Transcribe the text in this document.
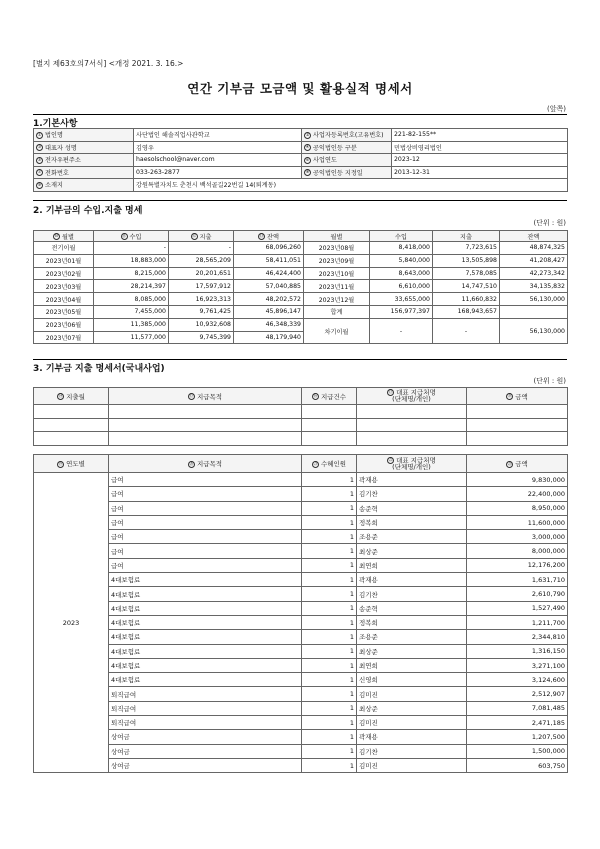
[별지 제63호의7서식] <개정 2021. 3. 16.>
연간 기부금 모금액 및 활용실적 명세서
(앞쪽)
1.기본사항
① 법인명	사단법인 해솔직업사관학교	② 사업자등록번호(고유번호)	221-82-155**
③ 대표자 성명	김영우	④ 공익법인등 구분	민법상비영리법인
⑤ 전자우편주소	haesolschool@naver.com	⑥ 사업연도	2023-12
⑦ 전화번호	033-263-2877	⑧ 공익법인등 지정일	2013-12-31
⑨ 소재지	강원특별자치도 춘천시 백석골길22번길 14(퇴계동)		
2. 기부금의 수입.지출 명세
(단위 : 원)
⑩ 월별	⑪ 수입	⑫ 지출	⑬ 잔액	월별	수입	지출	잔액
전기이월	-	-	68,096,260	2023년08월	8,418,000	7,723,615	48,874,325
2023년01월	18,883,000	28,565,209	58,411,051	2023년09월	5,840,000	13,505,898	41,208,427
2023년02월	8,215,000	20,201,651	46,424,400	2023년10월	8,643,000	7,578,085	42,273,342
2023년03월	28,214,397	17,597,912	57,040,885	2023년11월	6,610,000	14,747,510	34,135,832
2023년04월	8,085,000	16,923,313	48,202,572	2023년12월	33,655,000	11,660,832	56,130,000
2023년05월	7,455,000	9,761,425	45,896,147	합계	156,977,397	168,943,657	
2023년06월	11,385,000	10,932,608	46,348,339	차기이월	-	-	56,130,000
2023년07월	11,577,000	9,745,399	48,179,940				
3. 기부금 지출 명세서(국내사업)
(단위 : 원)
⑭ 지출월	⑮ 지급목적	⑯ 지급건수	⑰ 대표 지급처명
(단체명/개인)	⑱ 금액

⑲ 연도별	⑳ 지급목적	㉑ 수혜인원	㉒ 대표 지급처명
(단체명/개인)	㉓ 금액
2023	급여	1	곽재용	9,830,000
	급여	1	김기찬	22,400,000
	급여	1	송준혁	8,950,000
	급여	1	정복희	11,600,000
	급여	1	조용준	3,000,000
	급여	1	최상준	8,000,000
	급여	1	최연희	12,176,200
	4대보험료	1	곽재용	1,631,710
	4대보험료	1	김기찬	2,610,790
	4대보험료	1	송준혁	1,527,490
	4대보험료	1	정복희	1,211,700
	4대보험료	1	조용준	2,344,810
	4대보험료	1	최상준	1,316,150
	4대보험료	1	최연희	3,271,100
	4대보험료	1	신영희	3,124,600
	퇴직급여	1	김미진	2,512,907
	퇴직급여	1	최상준	7,081,485
	퇴직급여	1	김미진	2,471,185
	상여금	1	곽재용	1,207,500
	상여금	1	김기찬	1,500,000
	상여금	1	김미진	603,750
